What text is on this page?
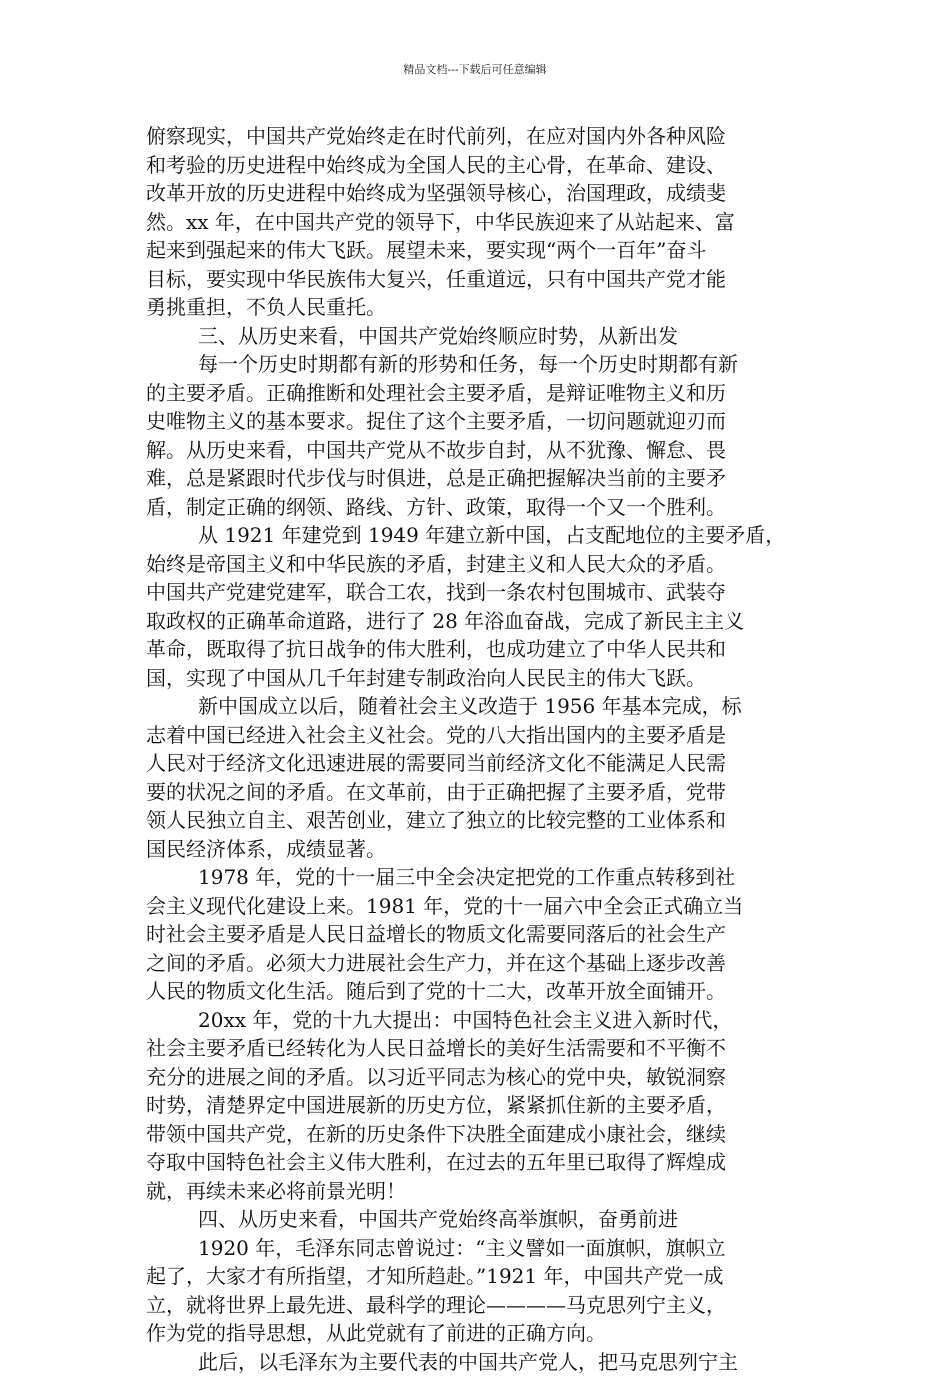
精品文档---下载后可任意编辑
俯察现实，中国共产党始终走在时代前列，在应对国内外各种风险
和考验的历史进程中始终成为全国人民的主心骨，在革命、建设、
改革开放的历史进程中始终成为坚强领导核心，治国理政，成绩斐
然。xx 年，在中国共产党的领导下，中华民族迎来了从站起来、富
起来到强起来的伟大飞跃。展望未来，要实现“两个一百年”奋斗
目标，要实现中华民族伟大复兴，任重道远，只有中国共产党才能
勇挑重担，不负人民重托。
三、从历史来看，中国共产党始终顺应时势，从新出发
每一个历史时期都有新的形势和任务，每一个历史时期都有新
的主要矛盾。正确推断和处理社会主要矛盾，是辩证唯物主义和历
史唯物主义的基本要求。捉住了这个主要矛盾，一切问题就迎刃而
解。从历史来看，中国共产党从不故步自封，从不犹豫、懈怠、畏
难，总是紧跟时代步伐与时俱进，总是正确把握解决当前的主要矛
盾，制定正确的纲领、路线、方针、政策，取得一个又一个胜利。
从 1921 年建党到 1949 年建立新中国，占支配地位的主要矛盾，
始终是帝国主义和中华民族的矛盾，封建主义和人民大众的矛盾。
中国共产党建党建军，联合工农，找到一条农村包围城市、武装夺
取政权的正确革命道路，进行了 28 年浴血奋战，完成了新民主主义
革命，既取得了抗日战争的伟大胜利，也成功建立了中华人民共和
国，实现了中国从几千年封建专制政治向人民民主的伟大飞跃。
新中国成立以后，随着社会主义改造于 1956 年基本完成，标
志着中国已经进入社会主义社会。党的八大指出国内的主要矛盾是
人民对于经济文化迅速进展的需要同当前经济文化不能满足人民需
要的状况之间的矛盾。在文革前，由于正确把握了主要矛盾，党带
领人民独立自主、艰苦创业，建立了独立的比较完整的工业体系和
国民经济体系，成绩显著。
1978 年，党的十一届三中全会决定把党的工作重点转移到社
会主义现代化建设上来。1981 年，党的十一届六中全会正式确立当
时社会主要矛盾是人民日益增长的物质文化需要同落后的社会生产
之间的矛盾。必须大力进展社会生产力，并在这个基础上逐步改善
人民的物质文化生活。随后到了党的十二大，改革开放全面铺开。
20xx 年，党的十九大提出：中国特色社会主义进入新时代，
社会主要矛盾已经转化为人民日益增长的美好生活需要和不平衡不
充分的进展之间的矛盾。以习近平同志为核心的党中央，敏锐洞察
时势，清楚界定中国进展新的历史方位，紧紧抓住新的主要矛盾，
带领中国共产党，在新的历史条件下决胜全面建成小康社会，继续
夺取中国特色社会主义伟大胜利，在过去的五年里已取得了辉煌成
就，再续未来必将前景光明！
四、从历史来看，中国共产党始终高举旗帜，奋勇前进
1920 年，毛泽东同志曾说过：“主义譬如一面旗帜，旗帜立
起了，大家才有所指望，才知所趋赴。”1921 年，中国共产党一成
立，就将世界上最先进、最科学的理论————马克思列宁主义，
作为党的指导思想，从此党就有了前进的正确方向。
此后，以毛泽东为主要代表的中国共产党人，把马克思列宁主
